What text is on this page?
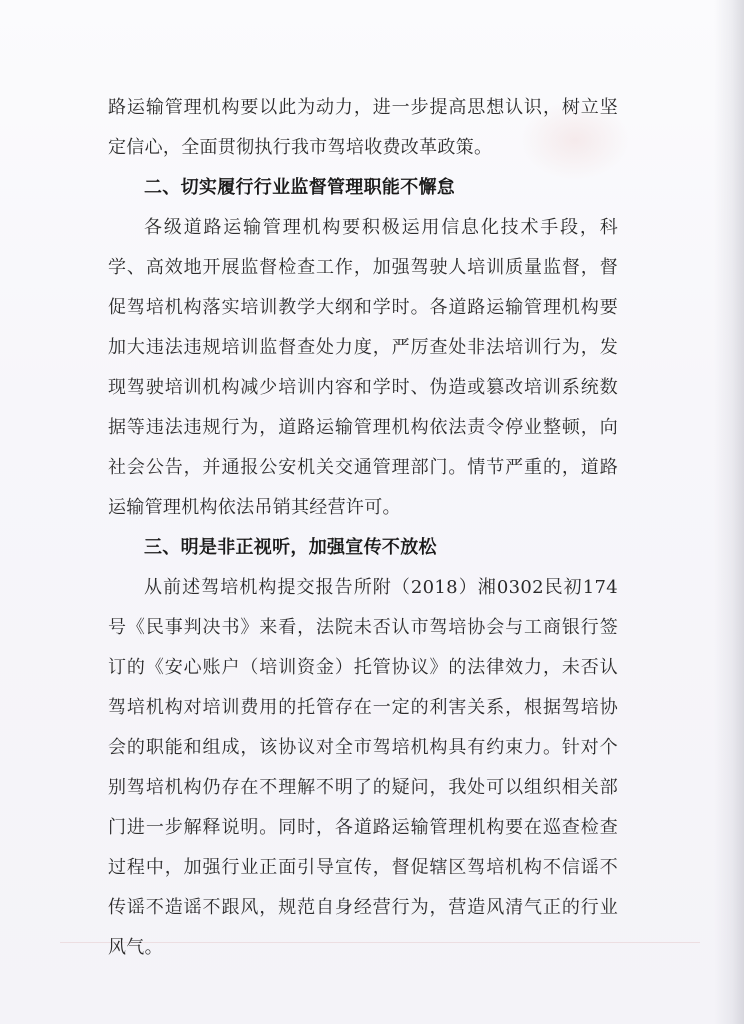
路运输管理机构要以此为动力，进一步提高思想认识，树立坚定信心，全面贯彻执行我市驾培收费改革政策。

二、切实履行行业监督管理职能不懈怠

各级道路运输管理机构要积极运用信息化技术手段，科学、高效地开展监督检查工作，加强驾驶人培训质量监督，督促驾培机构落实培训教学大纲和学时。各道路运输管理机构要加大违法违规培训监督查处力度，严厉查处非法培训行为，发现驾驶培训机构减少培训内容和学时、伪造或篡改培训系统数据等违法违规行为，道路运输管理机构依法责令停业整顿，向社会公告，并通报公安机关交通管理部门。情节严重的，道路运输管理机构依法吊销其经营许可。

三、明是非正视听，加强宣传不放松

从前述驾培机构提交报告所附（2018）湘0302民初174号《民事判决书》来看，法院未否认市驾培协会与工商银行签订的《安心账户（培训资金）托管协议》的法律效力，未否认驾培机构对培训费用的托管存在一定的利害关系，根据驾培协会的职能和组成，该协议对全市驾培机构具有约束力。针对个别驾培机构仍存在不理解不明了的疑问，我处可以组织相关部门进一步解释说明。同时，各道路运输管理机构要在巡查检查过程中，加强行业正面引导宣传，督促辖区驾培机构不信谣不传谣不造谣不跟风，规范自身经营行为，营造风清气正的行业风气。
